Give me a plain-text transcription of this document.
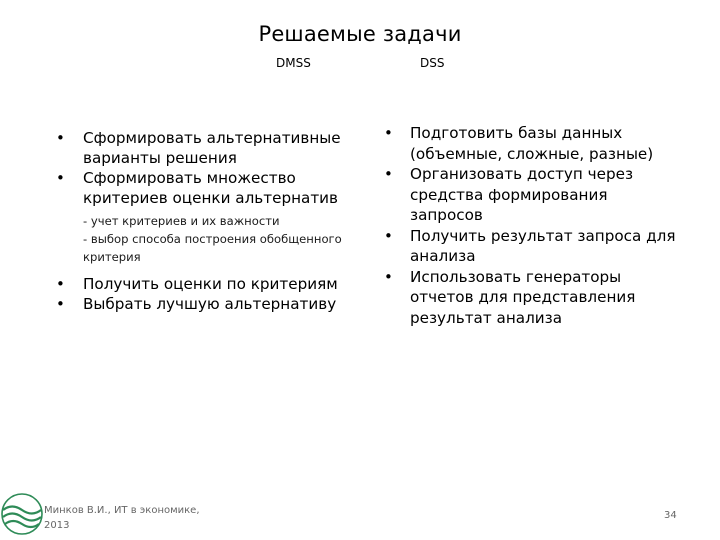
Решаемые задачи
DMSS	DSS
• Сформировать альтернативные варианты решения
• Сформировать множество критериев оценки альтернатив
- учет критериев и их важности
- выбор способа построения обобщенного
критерия
• Получить оценки по критериям
• Выбрать лучшую альтернативу
• Подготовить базы данных (объемные, сложные, разные)
• Организовать доступ через средства формирования запросов
• Получить результат запроса для анализа
• Использовать генераторы отчетов для представления результат анализа
Минков В.И., ИТ в экономике,
2013
34
